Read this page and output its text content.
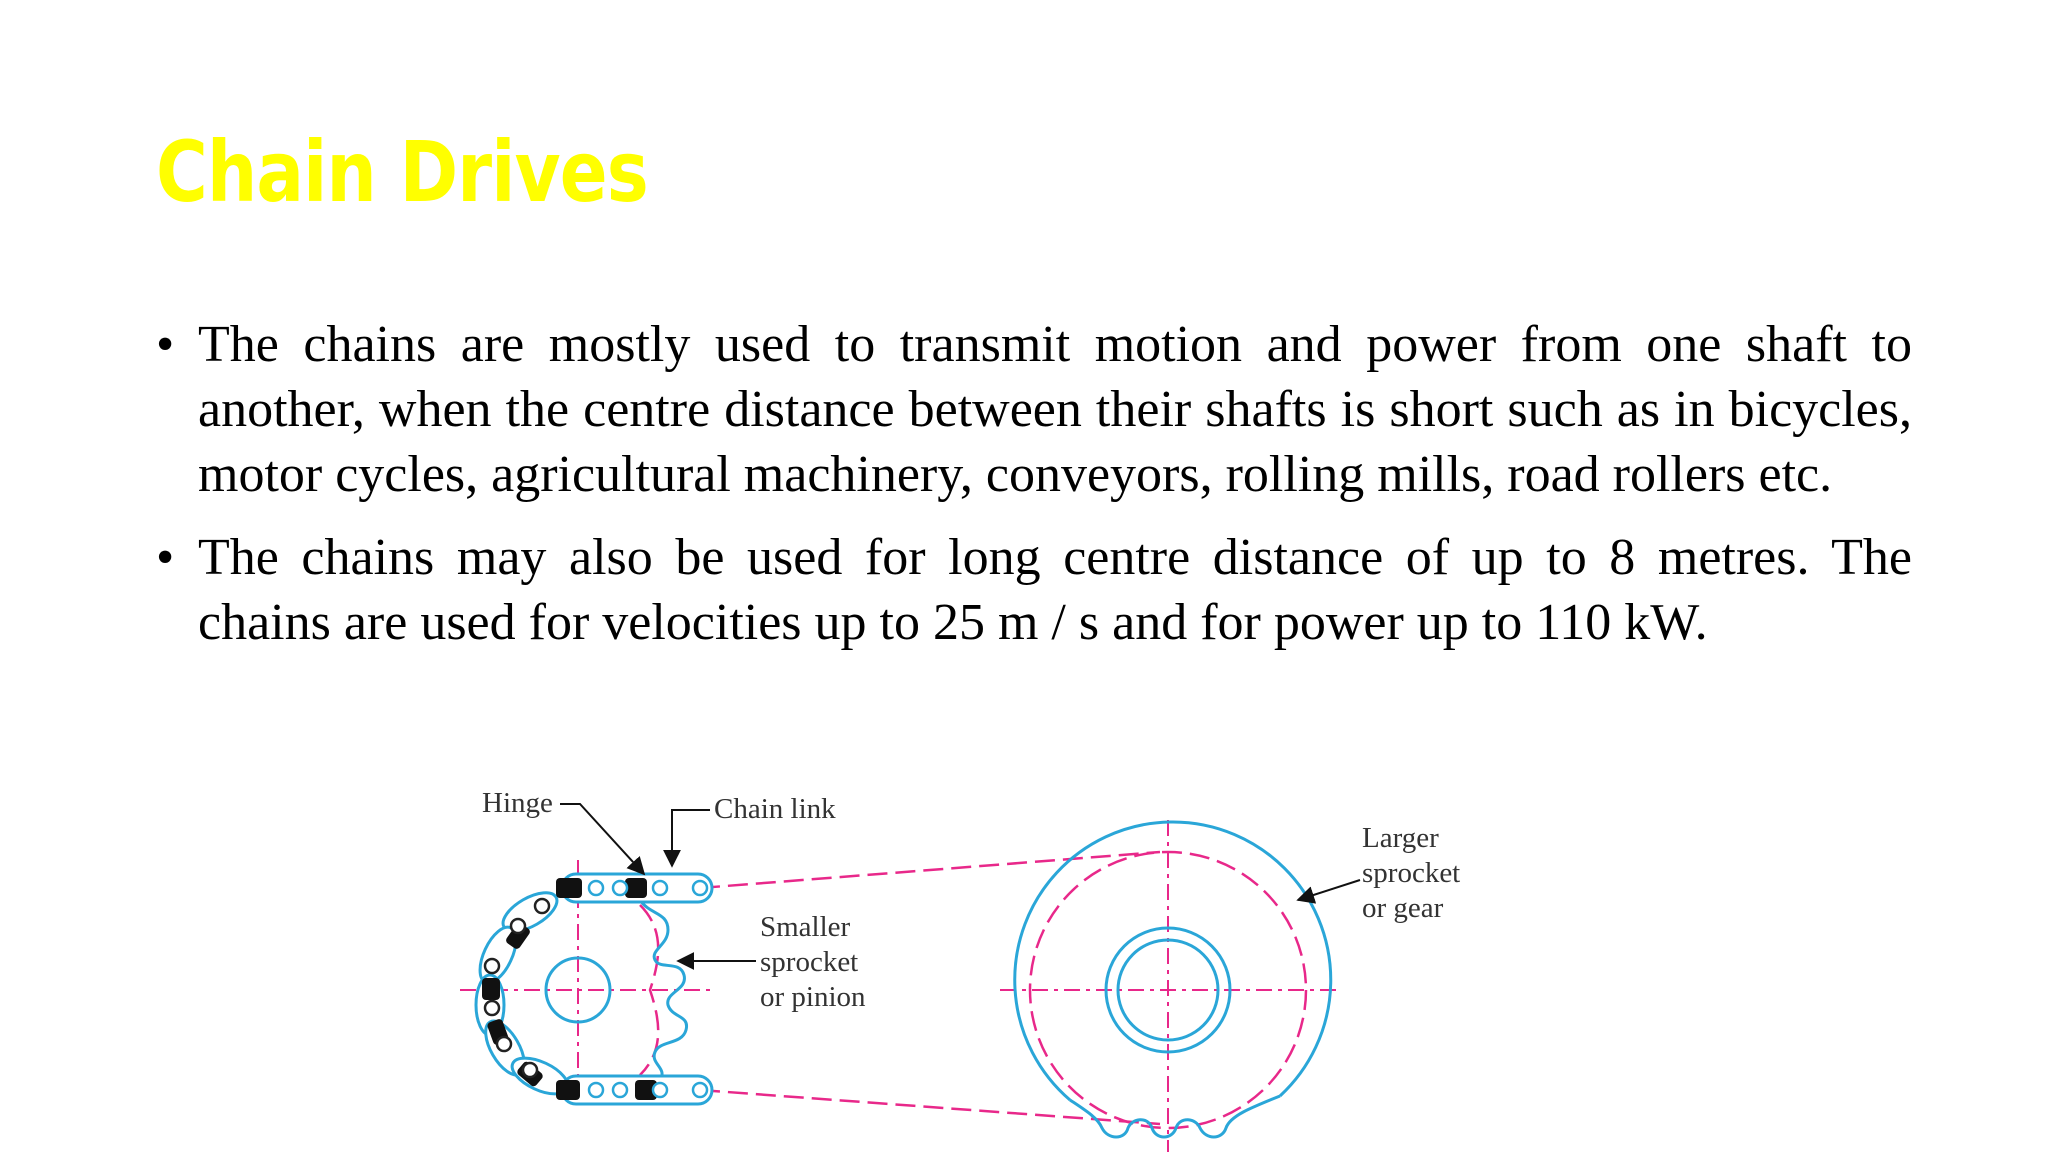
Chain Drives
• The chains are mostly used to transmit motion and power from one shaft to another, when the centre distance between their shafts is short such as in bicycles, motor cycles, agricultural machinery, conveyors, rolling mills, road rollers etc.
• The chains may also be used for long centre distance of up to 8 metres. The chains are used for velocities up to 25 m / s and for power up to 110 kW.
Hinge	Chain link
Smaller
sprocket
or pinion
Larger
sprocket
or gear
